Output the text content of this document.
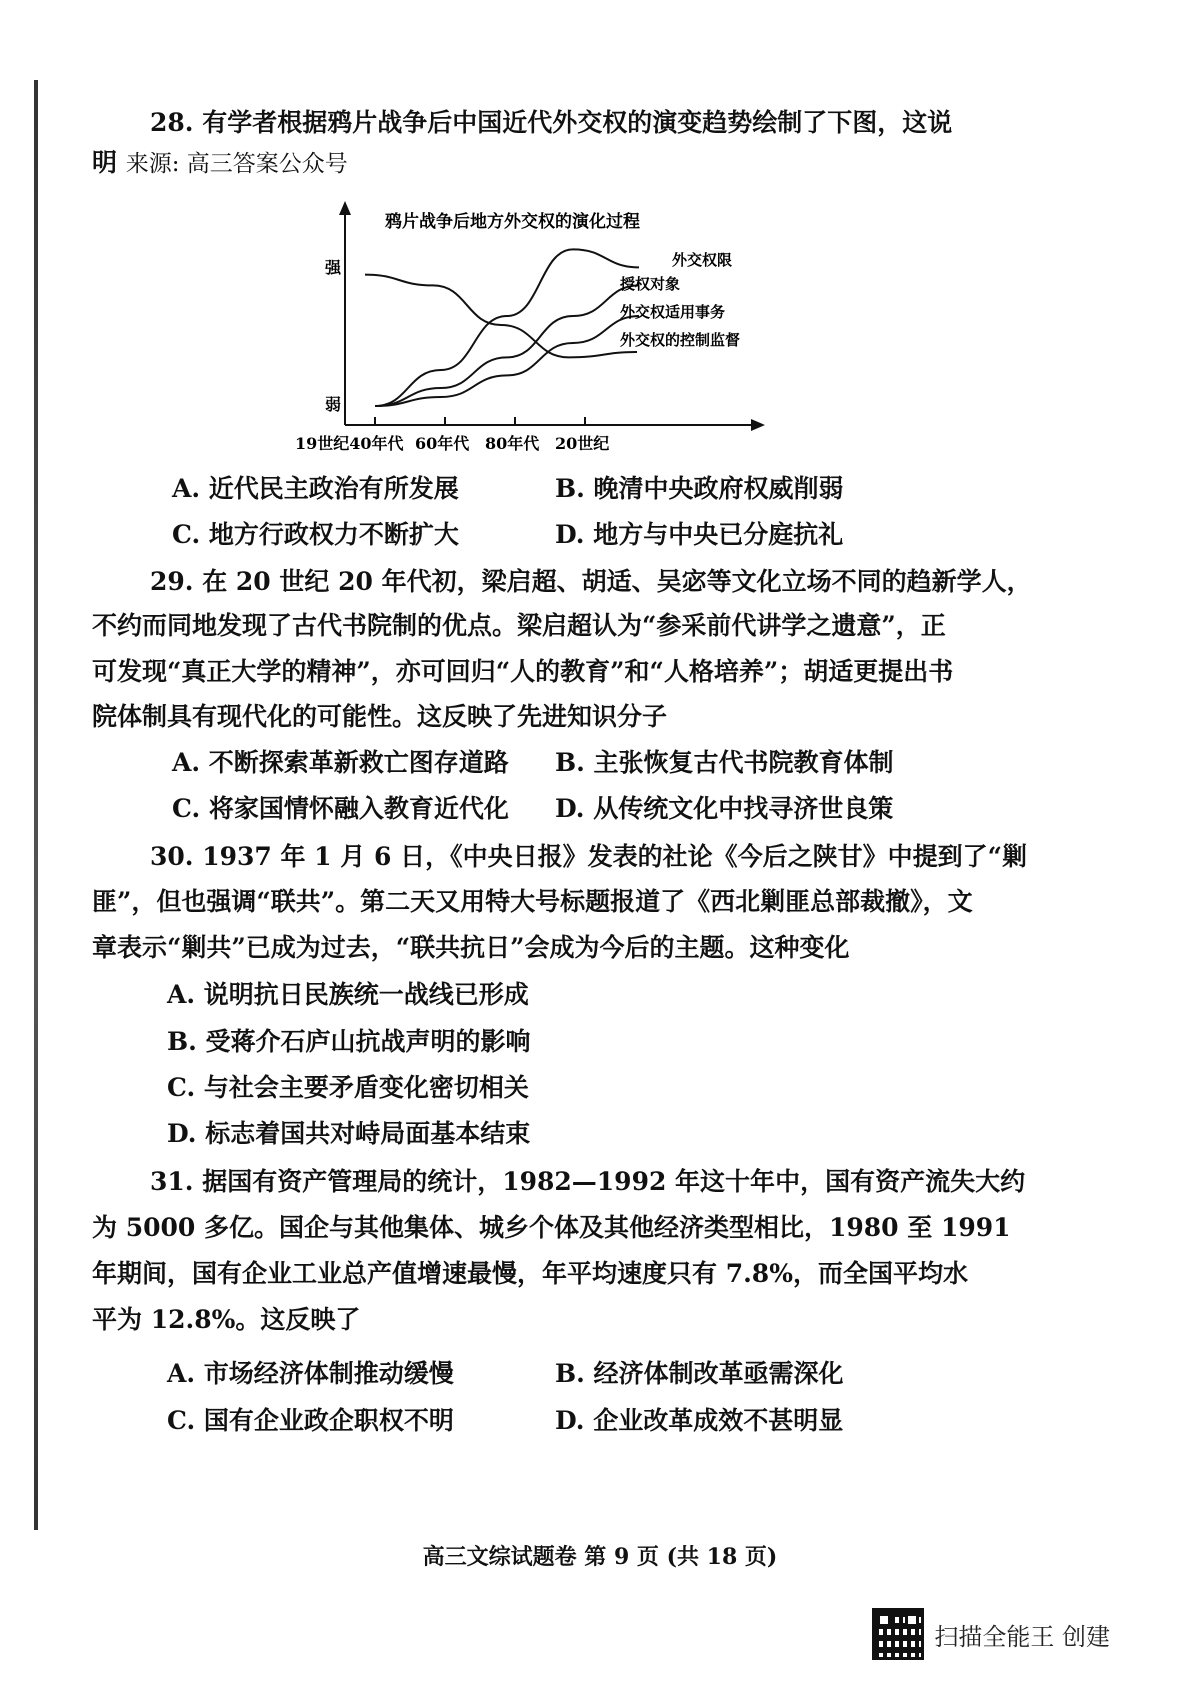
28. 有学者根据鸦片战争后中国近代外交权的演变趋势绘制了下图，这说
明 来源: 高三答案公众号
鸦片战争后地方外交权的演化过程
强
弱
19世纪40年代 60年代 80年代 20世纪
外交权限
授权对象
外交权适用事务
外交权的控制监督
A. 近代民主政治有所发展	B. 晚清中央政府权威削弱
C. 地方行政权力不断扩大	D. 地方与中央已分庭抗礼
29. 在 20 世纪 20 年代初，梁启超、胡适、吴宓等文化立场不同的趋新学人，
不约而同地发现了古代书院制的优点。梁启超认为“参采前代讲学之遗意”，正
可发现“真正大学的精神”，亦可回归“人的教育”和“人格培养”；胡适更提出书
院体制具有现代化的可能性。这反映了先进知识分子
A. 不断探索革新救亡图存道路 B. 主张恢复古代书院教育体制
C. 将家国情怀融入教育近代化 D. 从传统文化中找寻济世良策
30. 1937 年 1 月 6 日，《中央日报》发表的社论《今后之陕甘》中提到了“剿
匪”，但也强调“联共”。第二天又用特大号标题报道了《西北剿匪总部裁撤》，文
章表示“剿共”已成为过去，“联共抗日”会成为今后的主题。这种变化
A. 说明抗日民族统一战线已形成
B. 受蒋介石庐山抗战声明的影响
C. 与社会主要矛盾变化密切相关
D. 标志着国共对峙局面基本结束
31. 据国有资产管理局的统计，1982—1992 年这十年中，国有资产流失大约
为 5000 多亿。国企与其他集体、城乡个体及其他经济类型相比，1980 至 1991
年期间，国有企业工业总产值增速最慢，年平均速度只有 7.8%，而全国平均水
平为 12.8%。这反映了
A. 市场经济体制推动缓慢	B. 经济体制改革亟需深化
C. 国有企业政企职权不明	D. 企业改革成效不甚明显
高三文综试题卷 第 9 页 (共 18 页)
扫描全能王 创建
